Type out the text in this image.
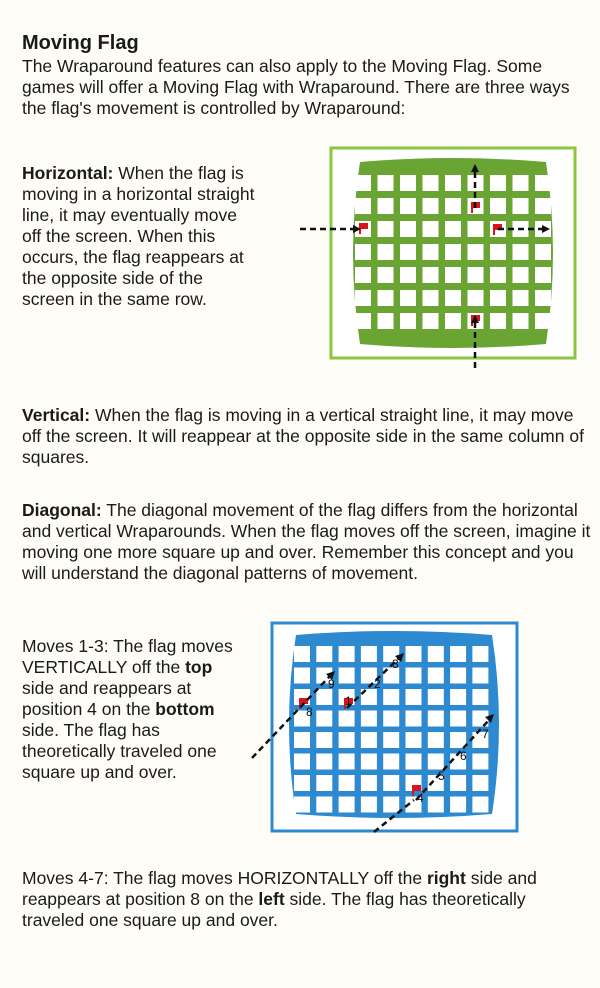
Moving Flag

The Wraparound features can also apply to the Moving Flag. Some games will offer a Moving Flag with Wraparound. There are three ways the flag's movement is controlled by Wraparound:

Horizontal: When the flag is moving in a horizontal straight line, it may eventually move off the screen. When this occurs, the flag reappears at the opposite side of the screen in the same row.

Vertical: When the flag is moving in a vertical straight line, it may move off the screen. It will reappear at the opposite side in the same column of squares.

Diagonal: The diagonal movement of the flag differs from the horizontal and vertical Wraparounds. When the flag moves off the screen, imagine it moving one more square up and over. Remember this concept and you will understand the diagonal patterns of movement.

Moves 1-3: The flag moves VERTICALLY off the top side and reappears at position 4 on the bottom side. The flag has theoretically traveled one square up and over.

1
2
3
4
5
6
7
8
9

Moves 4-7: The flag moves HORIZONTALLY off the right side and reappears at position 8 on the left side. The flag has theoretically traveled one square up and over.
